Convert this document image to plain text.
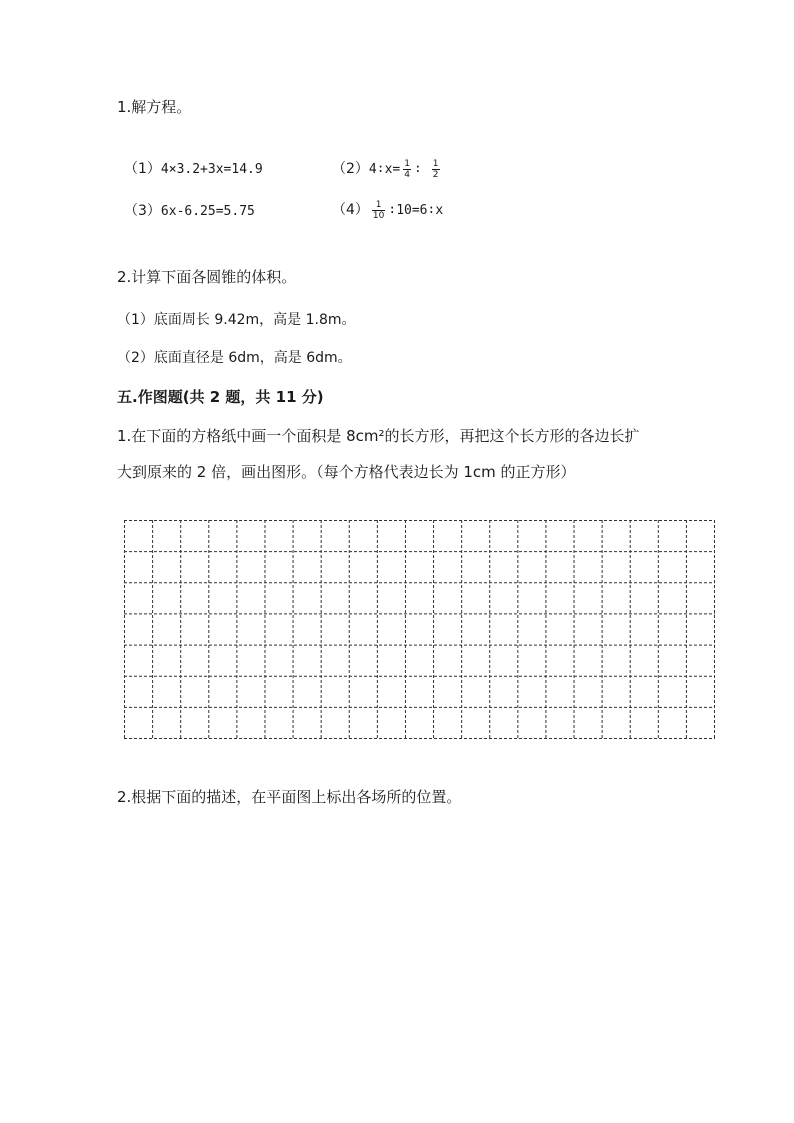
1.解方程。
（1）4×3.2+3x=14.9	（2）4∶x= $\frac{1}{4}$ ∶ $\frac{1}{2}$
（3）6x-6.25=5.75	$(4) \frac{1}{10}$ ∶10=6∶x
2.计算下面各圆锥的体积。
（1）底面周长 9.42m，高是 1.8m。
（2）底面直径是 6dm，高是 6dm。
五.作图题(共 2 题，共 11 分)
1.在下面的方格纸中画一个面积是 8cm²的长方形，再把这个长方形的各边长扩
大到原来的 2 倍，画出图形。（每个方格代表边长为 1cm 的正方形）
2.根据下面的描述，在平面图上标出各场所的位置。
